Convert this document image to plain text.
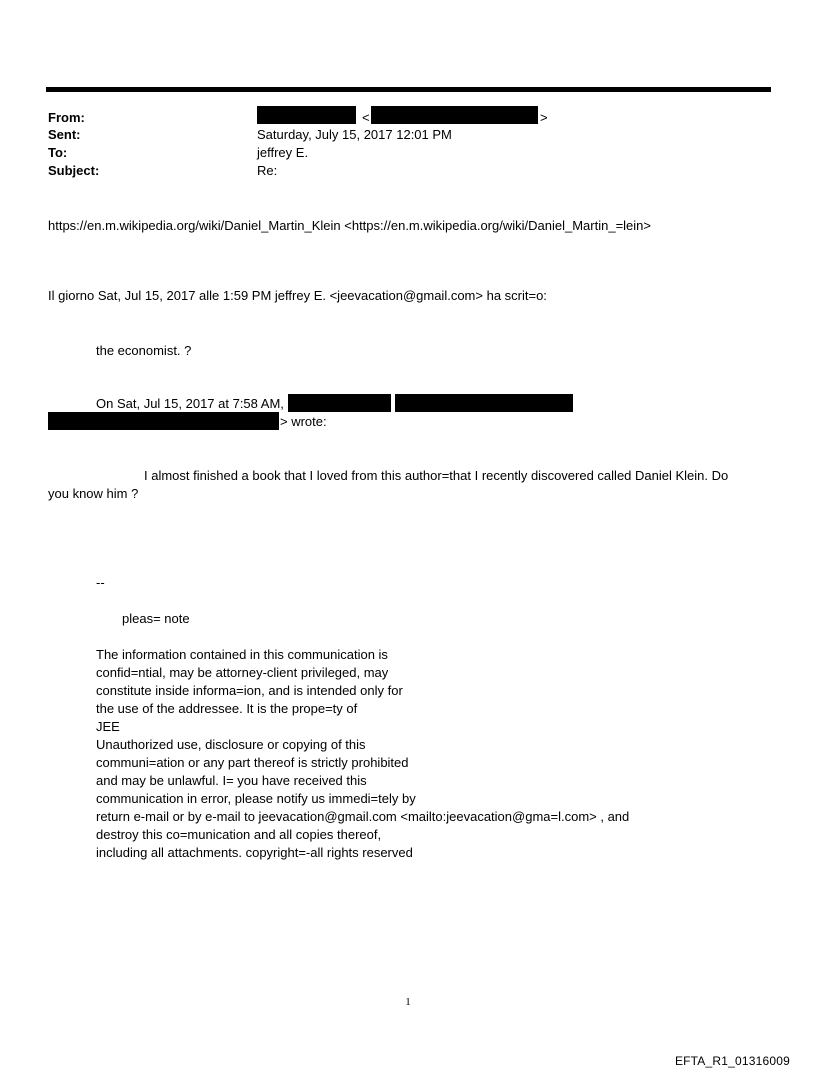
From:	<	>
Sent:	Saturday, July 15, 2017 12:01 PM
To:	jeffrey E.
Subject:	Re:
https://en.m.wikipedia.org/wiki/Daniel_Martin_Klein <https://en.m.wikipedia.org/wiki/Daniel_Martin_=lein>
Il giorno Sat, Jul 15, 2017 alle 1:59 PM jeffrey E. <jeevacation@gmail.com> ha scrit=o:
the economist. ?
On Sat, Jul 15, 2017 at 7:58 AM,
> wrote:
I almost finished a book that I loved from this author=that I recently discovered called Daniel Klein. Do
you know him ?
--
pleas= note
The information contained in this communication is
confid=ntial, may be attorney-client privileged, may
constitute inside informa=ion, and is intended only for
the use of the addressee. It is the prope=ty of
JEE
Unauthorized use, disclosure or copying of this
communi=ation or any part thereof is strictly prohibited
and may be unlawful. I= you have received this
communication in error, please notify us immedi=tely by
return e-mail or by e-mail to jeevacation@gmail.com <mailto:jeevacation@gma=l.com> , and
destroy this co=munication and all copies thereof,
including all attachments. copyright=-all rights reserved
1
EFTA_R1_01316009
